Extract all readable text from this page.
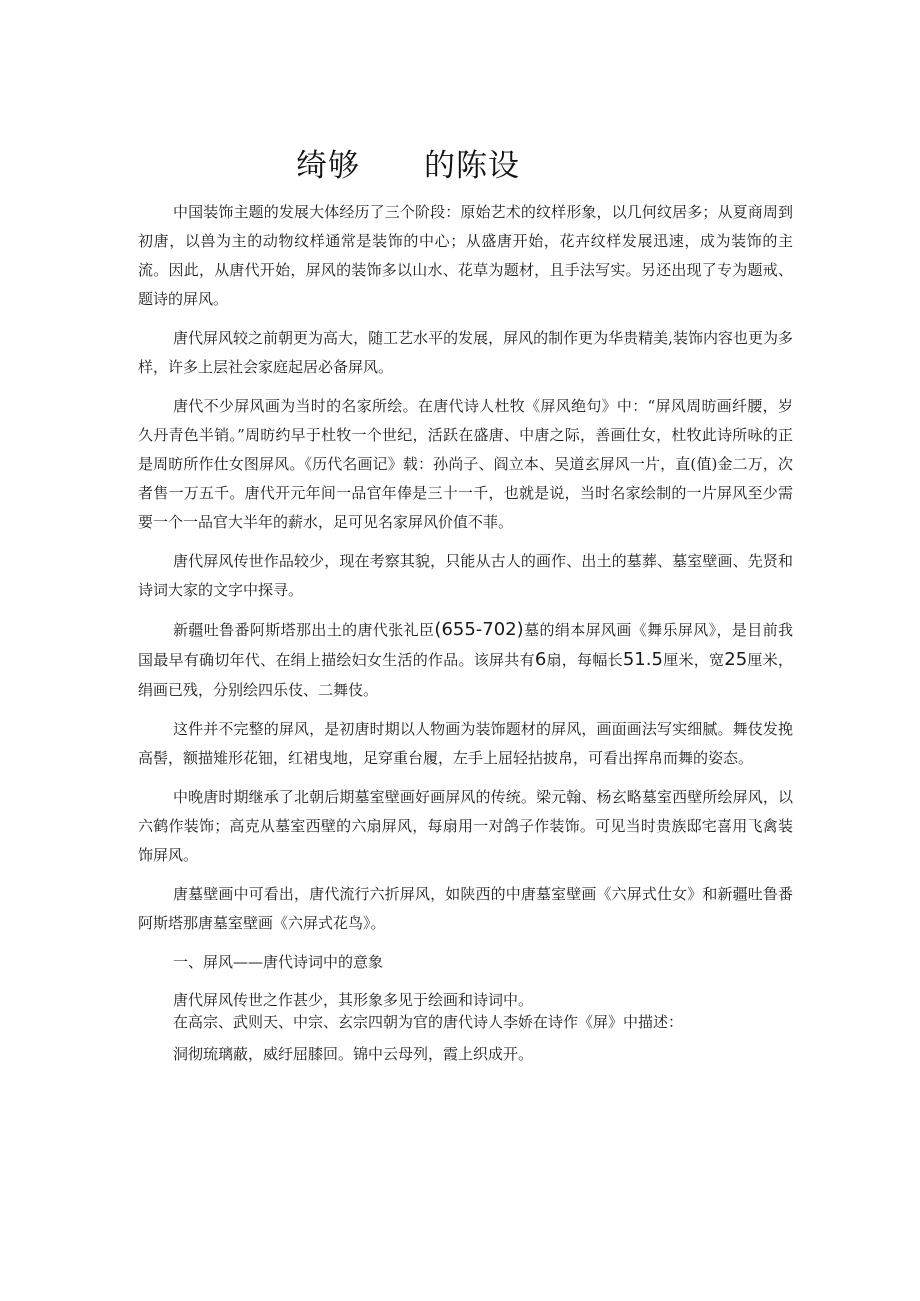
绮够 的陈设

中国装饰主题的发展大体经历了三个阶段：原始艺术的纹样形象，以几何纹居多；从夏商周到初唐，以兽为主的动物纹样通常是装饰的中心；从盛唐开始，花卉纹样发展迅速，成为装饰的主流。因此，从唐代开始，屏风的装饰多以山水、花草为题材，且手法写实。另还出现了专为题戒、题诗的屏风。

唐代屏风较之前朝更为高大，随工艺水平的发展，屏风的制作更为华贵精美,装饰内容也更为多样，许多上层社会家庭起居必备屏风。

唐代不少屏风画为当时的名家所绘。在唐代诗人杜牧《屏风绝句》中：“屏风周昉画纤腰，岁久丹青色半销。”周昉约早于杜牧一个世纪，活跃在盛唐、中唐之际，善画仕女，杜牧此诗所咏的正是周昉所作仕女图屏风。《历代名画记》载：孙尚子、阎立本、吴道玄屏风一片，直(值)金二万，次者售一万五千。唐代开元年间一品官年俸是三十一千，也就是说，当时名家绘制的一片屏风至少需要一个一品官大半年的薪水，足可见名家屏风价值不菲。

唐代屏风传世作品较少，现在考察其貌，只能从古人的画作、出土的墓葬、墓室壁画、先贤和诗词大家的文字中探寻。

新疆吐鲁番阿斯塔那出土的唐代张礼臣(655-702)墓的绢本屏风画《舞乐屏风》，是目前我国最早有确切年代、在绢上描绘妇女生活的作品。该屏共有6扇，每幅长51.5厘米，宽25厘米，绢画已残，分别绘四乐伎、二舞伎。

这件并不完整的屏风，是初唐时期以人物画为装饰题材的屏风，画面画法写实细腻。舞伎发挽高髻，额描雉形花钿，红裙曳地，足穿重台履，左手上屈轻拈披帛，可看出挥帛而舞的姿态。

中晚唐时期继承了北朝后期墓室壁画好画屏风的传统。梁元翰、杨玄略墓室西壁所绘屏风，以六鹤作装饰；高克从墓室西壁的六扇屏风，每扇用一对鸽子作装饰。可见当时贵族邸宅喜用飞禽装饰屏风。

唐墓壁画中可看出，唐代流行六折屏风，如陕西的中唐墓室壁画《六屏式仕女》和新疆吐鲁番阿斯塔那唐墓室壁画《六屏式花鸟》。

一、屏风——唐代诗词中的意象

唐代屏风传世之作甚少，其形象多见于绘画和诗词中。

在高宗、武则天、中宗、玄宗四朝为官的唐代诗人李娇在诗作《屏》中描述：

洞彻琉璃蔽，威纡屈膝回。锦中云母列，霞上织成开。
